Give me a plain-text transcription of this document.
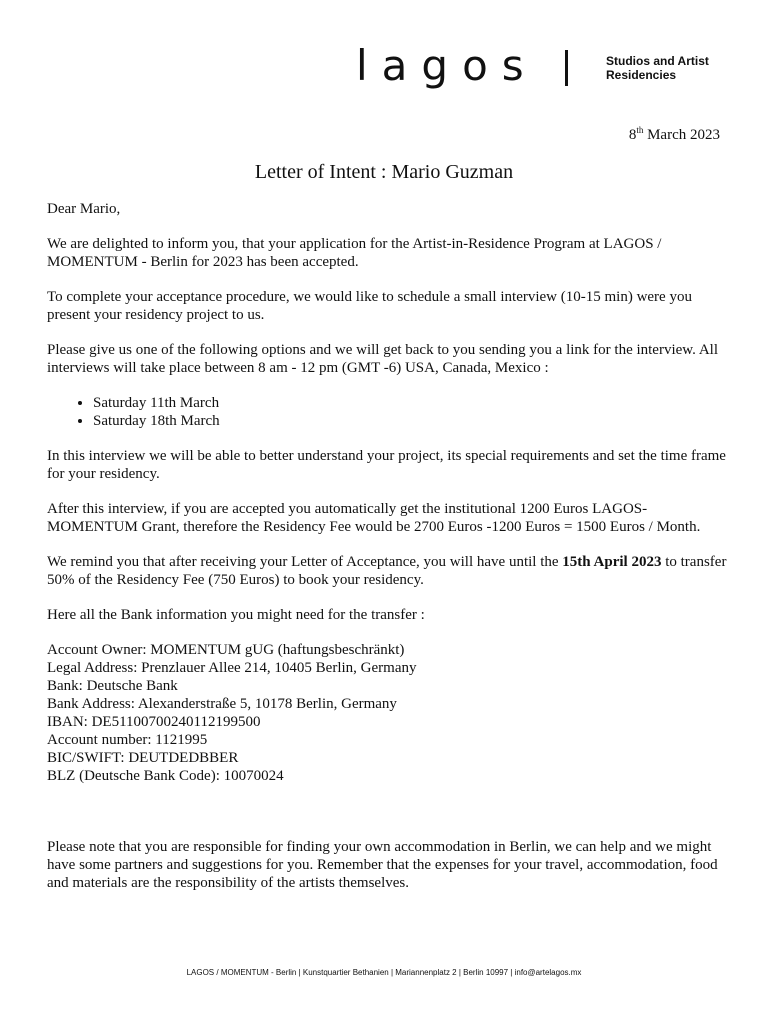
lagos	Studios and Artist
Residencies
8th March 2023
Letter of Intent : Mario Guzman

Dear Mario,

We are delighted to inform you, that your application for the Artist-in-Residence Program at LAGOS / MOMENTUM - Berlin for 2023 has been accepted.

To complete your acceptance procedure, we would like to schedule a small interview (10-15 min) were you present your residency project to us.

Please give us one of the following options and we will get back to you sending you a link for the interview. All interviews will take place between 8 am - 12 pm (GMT -6) USA, Canada, Mexico :

• Saturday 11th March
• Saturday 18th March

In this interview we will be able to better understand your project, its special requirements and set the time frame for your residency.

After this interview, if you are accepted you automatically get the institutional 1200 Euros LAGOS-MOMENTUM Grant, therefore the Residency Fee would be 2700 Euros -1200 Euros = 1500 Euros / Month.

We remind you that after receiving your Letter of Acceptance, you will have until the 15th April 2023 to transfer 50% of the Residency Fee (750 Euros) to book your residency.

Here all the Bank information you might need for the transfer :

Account Owner: MOMENTUM gUG (haftungsbeschränkt)
Legal Address: Prenzlauer Allee 214, 10405 Berlin, Germany
Bank: Deutsche Bank
Bank Address: Alexanderstraße 5, 10178 Berlin, Germany
IBAN: DE51100700240112199500
Account number: 1121995
BIC/SWIFT: DEUTDEDBBER
BLZ (Deutsche Bank Code): 10070024

Please note that you are responsible for finding your own accommodation in Berlin, we can help and we might have some partners and suggestions for you. Remember that the expenses for your travel, accommodation, food and materials are the responsibility of the artists themselves.

LAGOS / MOMENTUM - Berlin | Kunstquartier Bethanien | Mariannenplatz 2 | Berlin 10997 | info@artelagos.mx
